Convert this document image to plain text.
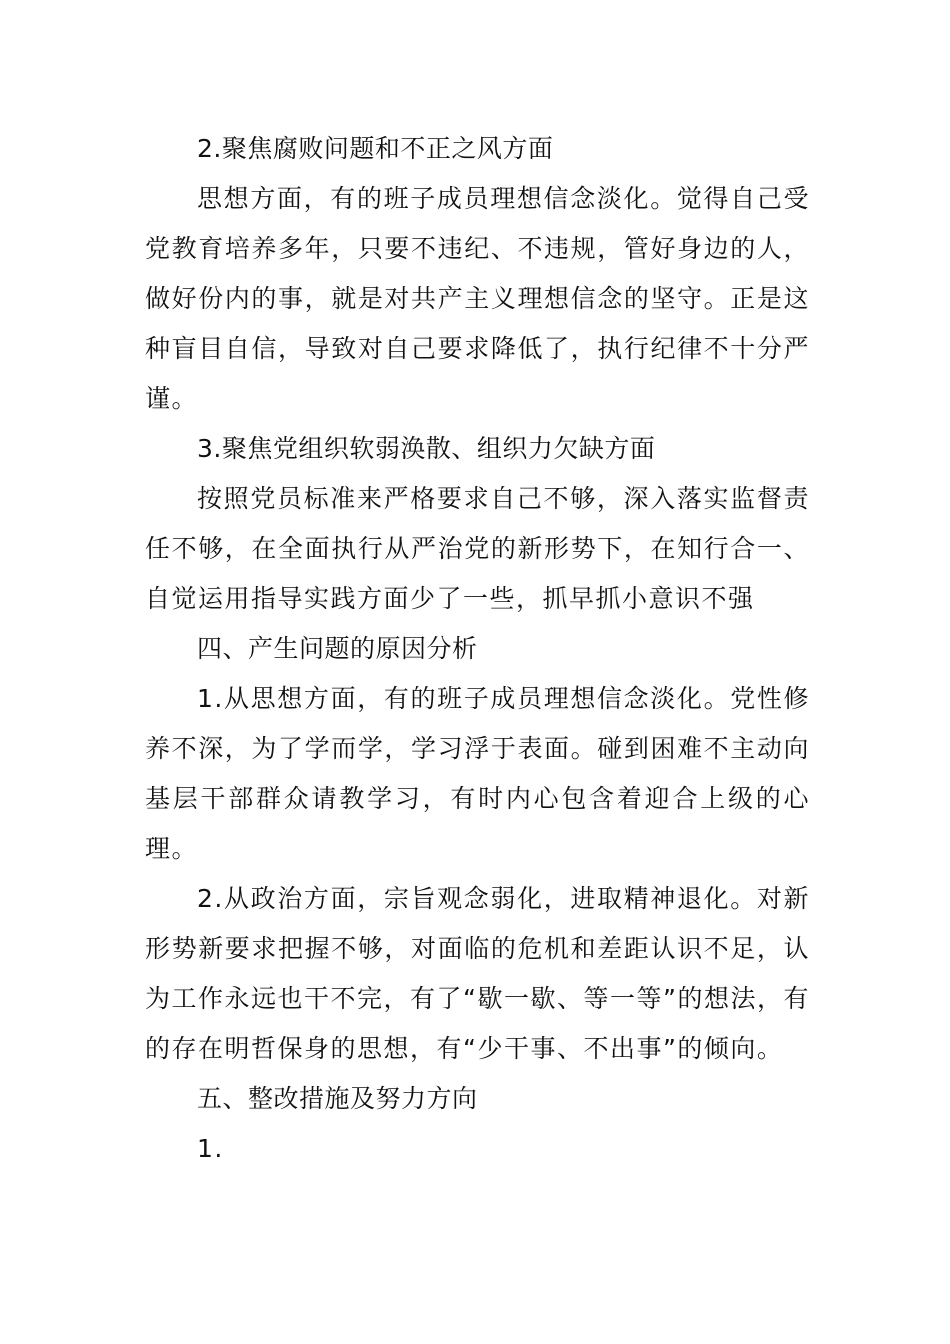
2.聚焦腐败问题和不正之风方面

思想方面，有的班子成员理想信念淡化。觉得自己受党教育培养多年，只要不违纪、不违规，管好身边的人，做好份内的事，就是对共产主义理想信念的坚守。正是这种盲目自信，导致对自己要求降低了，执行纪律不十分严谨。

3.聚焦党组织软弱涣散、组织力欠缺方面

按照党员标准来严格要求自己不够，深入落实监督责任不够，在全面执行从严治党的新形势下，在知行合一、自觉运用指导实践方面少了一些，抓早抓小意识不强

四、产生问题的原因分析

1.从思想方面，有的班子成员理想信念淡化。党性修养不深，为了学而学，学习浮于表面。碰到困难不主动向基层干部群众请教学习，有时内心包含着迎合上级的心理。

2.从政治方面，宗旨观念弱化，进取精神退化。对新形势新要求把握不够，对面临的危机和差距认识不足，认为工作永远也干不完，有了“歇一歇、等一等”的想法，有的存在明哲保身的思想，有“少干事、不出事”的倾向。

五、整改措施及努力方向

1.
